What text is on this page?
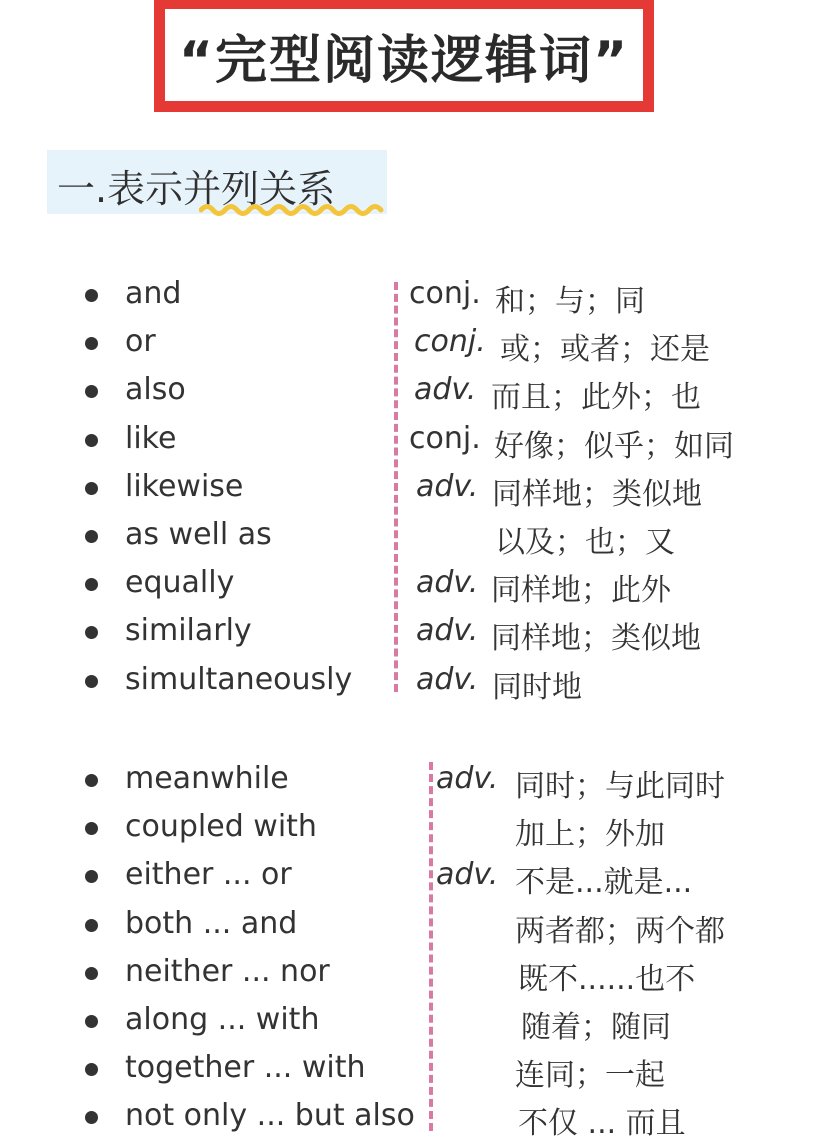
“完型阅读逻辑词”
一.表示并列关系
and	conj. 和；与；同
or	conj. 或；或者；还是
also	adv. 而且；此外；也
like	conj. 好像；似乎；如同
likewise	adv. 同样地；类似地
as well as	以及；也；又
equally	adv. 同样地；此外
similarly	adv. 同样地；类似地
simultaneously adv. 同时地
meanwhile	adv. 同时；与此同时
coupled with	加上；外加
either ... or	adv. 不是...就是...
both ... and	两者都；两个都
neither ... nor	既不......也不
along ... with	随着；随同
together ... with	连同；一起
not only ... but also	不仅 ... 而且
